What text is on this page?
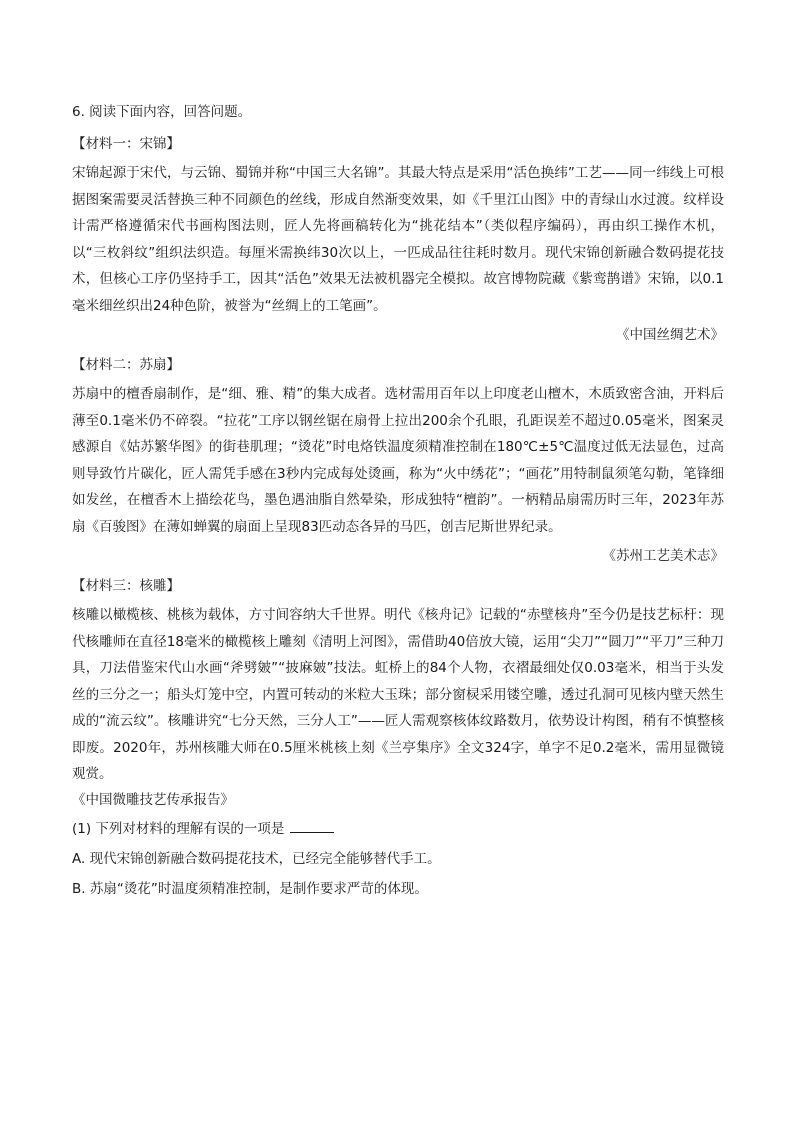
6. 阅读下面内容，回答问题。

【材料一：宋锦】

宋锦起源于宋代，与云锦、蜀锦并称“中国三大名锦”。其最大特点是采用“活色换纬”工艺——同一纬线上可根据图案需要灵活替换三种不同颜色的丝线，形成自然渐变效果，如《千里江山图》中的青绿山水过渡。纹样设计需严格遵循宋代书画构图法则，匠人先将画稿转化为“挑花结本”（类似程序编码），再由织工操作木机，以“三枚斜纹”组织法织造。每厘米需换纬30次以上，一匹成品往往耗时数月。现代宋锦创新融合数码提花技术，但核心工序仍坚持手工，因其“活色”效果无法被机器完全模拟。故宫博物院藏《紫鸾鹊谱》宋锦，以0.1毫米细丝织出24种色阶，被誉为“丝绸上的工笔画”。

《中国丝绸艺术》

【材料二：苏扇】

苏扇中的檀香扇制作，是“细、雅、精”的集大成者。选材需用百年以上印度老山檀木，木质致密含油，开料后薄至0.1毫米仍不碎裂。“拉花”工序以钢丝锯在扇骨上拉出200余个孔眼，孔距误差不超过0.05毫米，图案灵感源自《姑苏繁华图》的街巷肌理；“烫花”时电烙铁温度须精准控制在180℃±5℃温度过低无法显色，过高则导致竹片碳化，匠人需凭手感在3秒内完成每处烫画，称为“火中绣花”；“画花”用特制鼠须笔勾勒，笔锋细如发丝，在檀香木上描绘花鸟，墨色遇油脂自然晕染，形成独特“檀韵”。一柄精品扇需历时三年，2023年苏扇《百骏图》在薄如蝉翼的扇面上呈现83匹动态各异的马匹，创吉尼斯世界纪录。

《苏州工艺美术志》

【材料三：核雕】

核雕以橄榄核、桃核为载体，方寸间容纳大千世界。明代《核舟记》记载的“赤壁核舟”至今仍是技艺标杆：现代核雕师在直径18毫米的橄榄核上雕刻《清明上河图》，需借助40倍放大镜，运用“尖刀”“圆刀”“平刀”三种刀具，刀法借鉴宋代山水画“斧劈皴”“披麻皴”技法。虹桥上的84个人物，衣褶最细处仅0.03毫米，相当于头发丝的三分之一；船头灯笼中空，内置可转动的米粒大玉珠；部分窗棂采用镂空雕，透过孔洞可见核内壁天然生成的“流云纹”。核雕讲究“七分天然，三分人工”——匠人需观察核体纹路数月，依势设计构图，稍有不慎整核即废。2020年，苏州核雕大师在0.5厘米桃核上刻《兰亭集序》全文324字，单字不足0.2毫米，需用显微镜观赏。

《中国微雕技艺传承报告》

(1) 下列对材料的理解有误的一项是

A. 现代宋锦创新融合数码提花技术，已经完全能够替代手工。

B. 苏扇“烫花”时温度须精准控制，是制作要求严苛的体现。
